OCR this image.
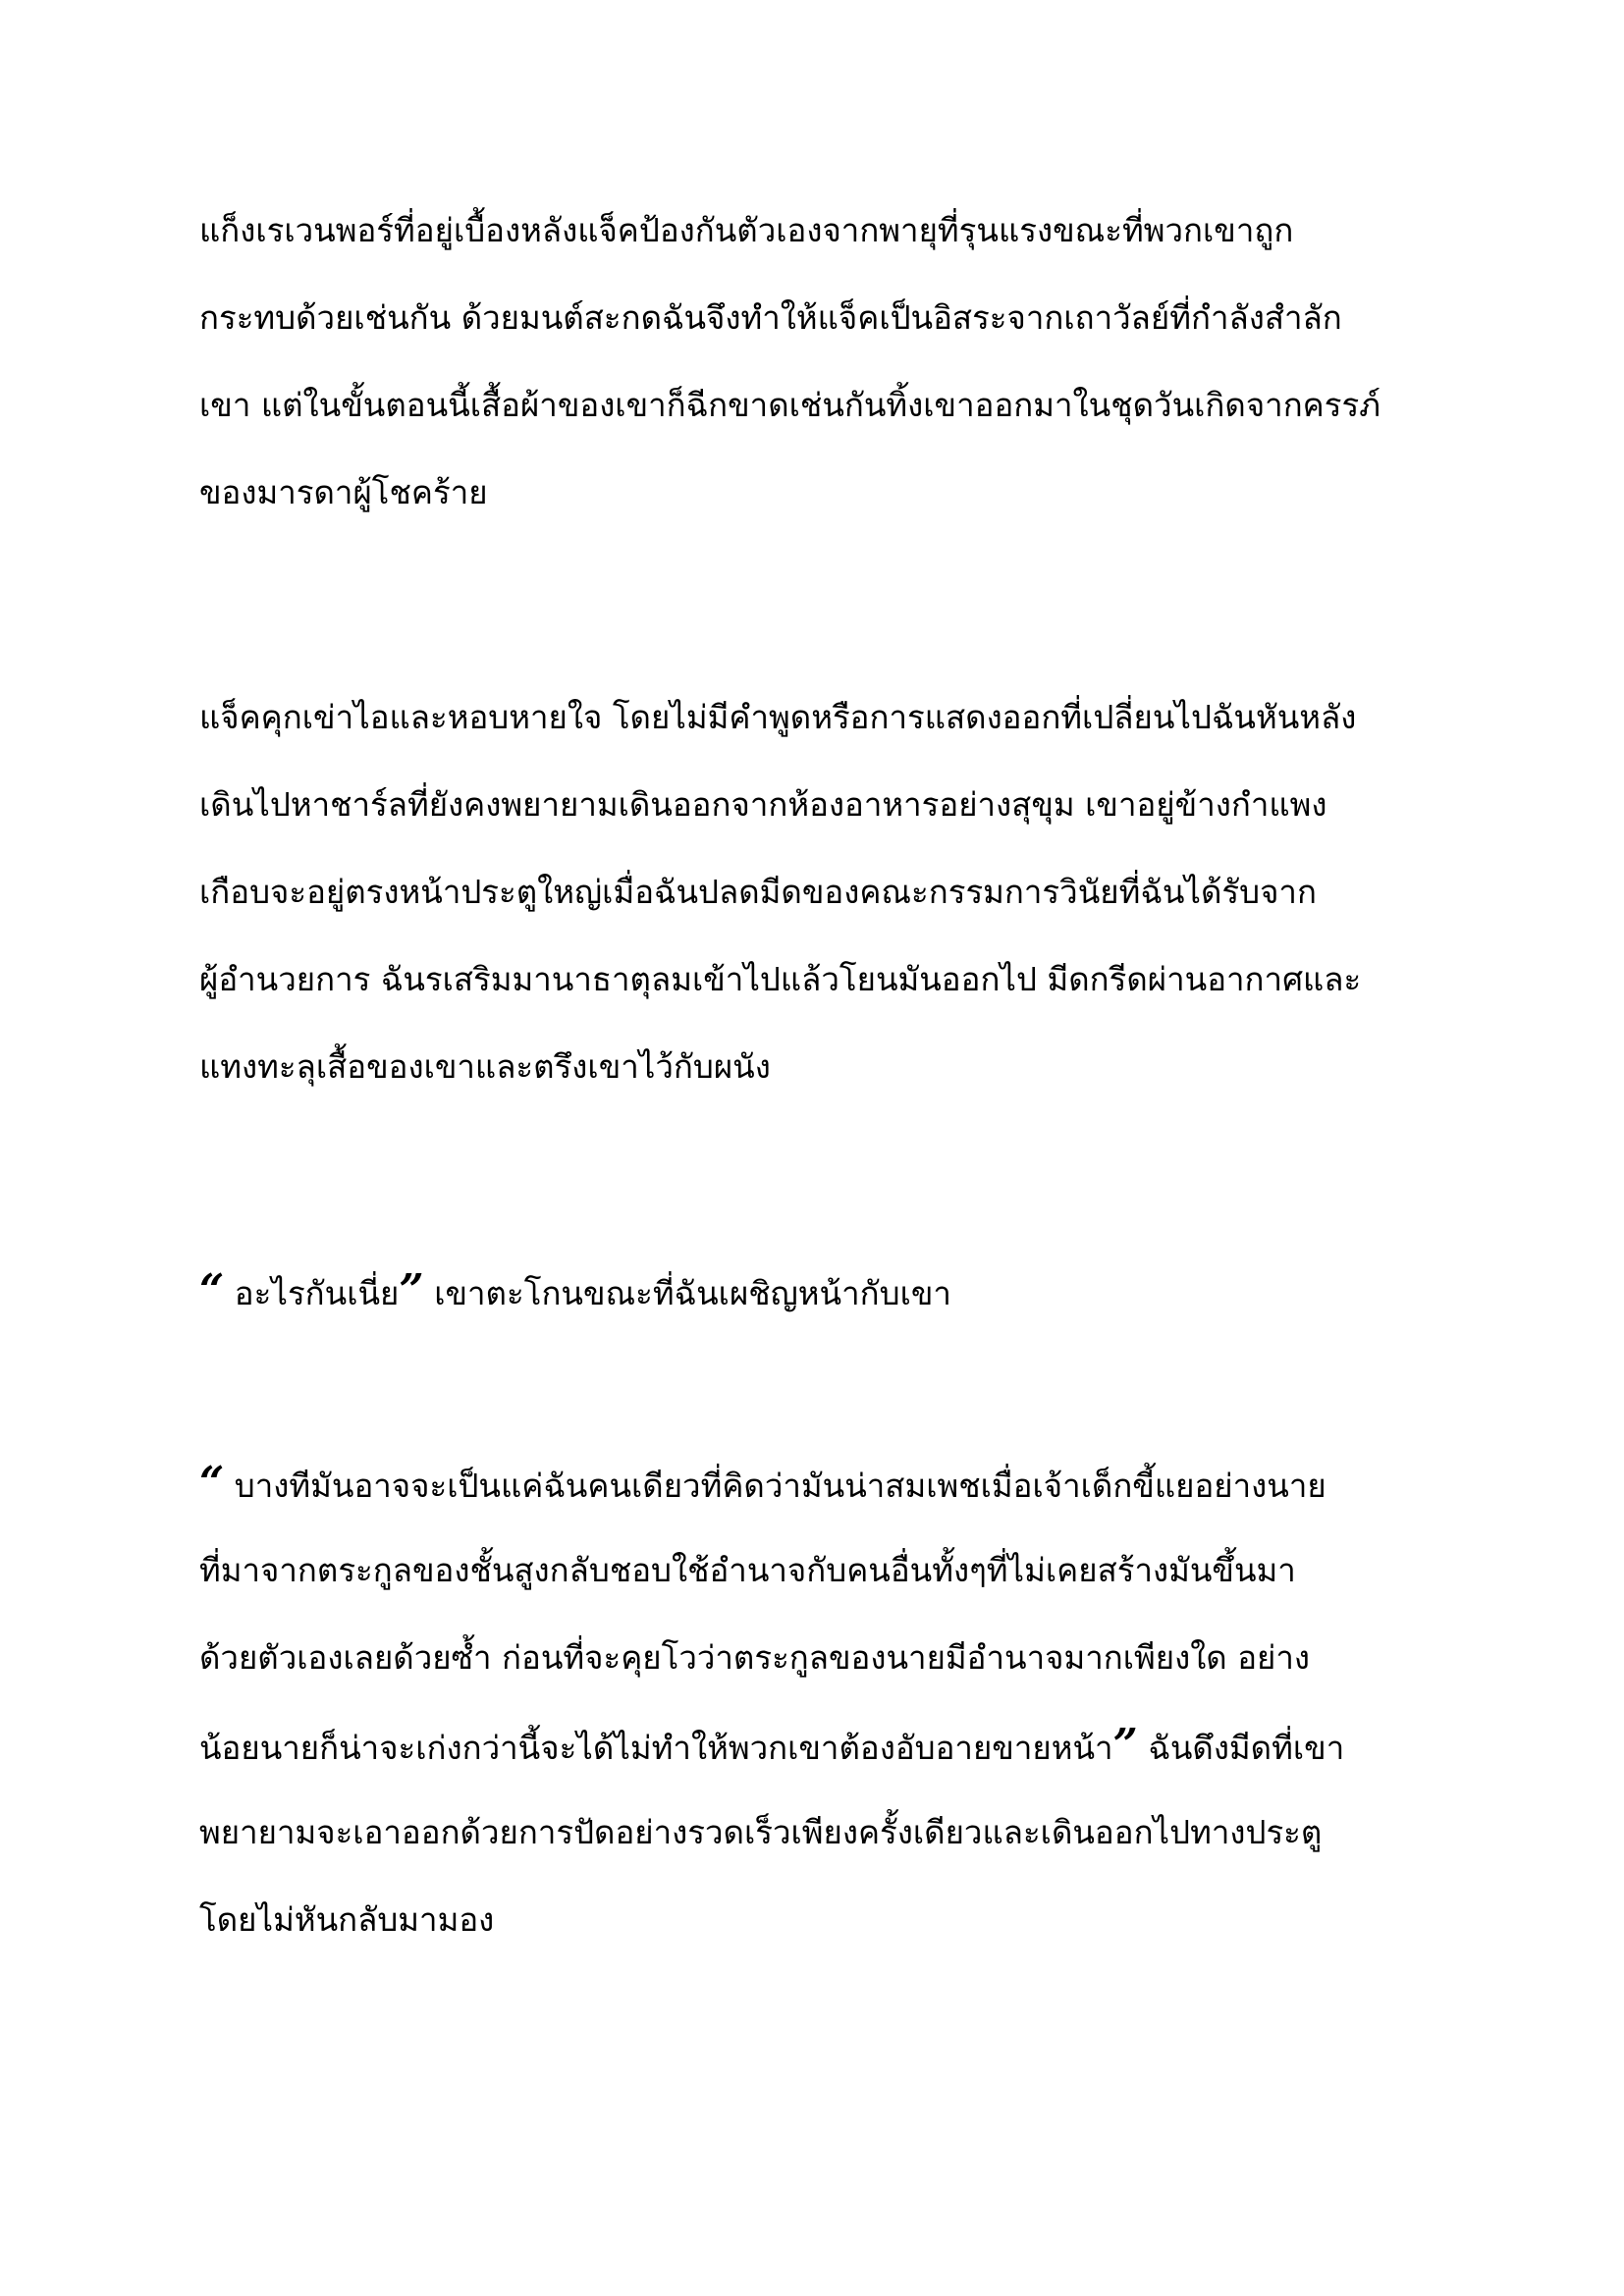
แก็งเรเวนพอร์ที่อยู่เบื้องหลังแจ็คป้องกันตัวเองจากพายุที่รุนแรงขณะที่พวกเขาถูก
กระทบด้วยเช่นกัน ด้วยมนต์สะกดฉันจึงทำให้แจ็คเป็นอิสระจากเถาวัลย์ที่กำลังสำลัก
เขา แต่ในขั้นตอนนี้เสื้อผ้าของเขาก็ฉีกขาดเช่นกันทิ้งเขาออกมาในชุดวันเกิดจากครรภ์
ของมารดาผู้โชคร้าย

แจ็คคุกเข่าไอและหอบหายใจ โดยไม่มีคำพูดหรือการแสดงออกที่เปลี่ยนไปฉันหันหลัง
เดินไปหาชาร์ลที่ยังคงพยายามเดินออกจากห้องอาหารอย่างสุขุม เขาอยู่ข้างกำแพง
เกือบจะอยู่ตรงหน้าประตูใหญ่เมื่อฉันปลดมีดของคณะกรรมการวินัยที่ฉันได้รับจาก
ผู้อำนวยการ ฉันรเสริมมานาธาตุลมเข้าไปแล้วโยนมันออกไป มีดกรีดผ่านอากาศและ
แทงทะลุเสื้อของเขาและตรึงเขาไว้กับผนัง

“ อะไรกันเนี่ย” เขาตะโกนขณะที่ฉันเผชิญหน้ากับเขา

“ บางทีมันอาจจะเป็นแค่ฉันคนเดียวที่คิดว่ามันน่าสมเพชเมื่อเจ้าเด็กขี้แยอย่างนาย
ที่มาจากตระกูลของชั้นสูงกลับชอบใช้อำนาจกับคนอื่นทั้งๆที่ไม่เคยสร้างมันขึ้นมา
ด้วยตัวเองเลยด้วยซ้ำ ก่อนที่จะคุยโวว่าตระกูลของนายมีอำนาจมากเพียงใด อย่าง
น้อยนายก็น่าจะเก่งกว่านี้จะได้ไม่ทำให้พวกเขาต้องอับอายขายหน้า” ฉันดึงมีดที่เขา
พยายามจะเอาออกด้วยการปัดอย่างรวดเร็วเพียงครั้งเดียวและเดินออกไปทางประตู
โดยไม่หันกลับมามอง
